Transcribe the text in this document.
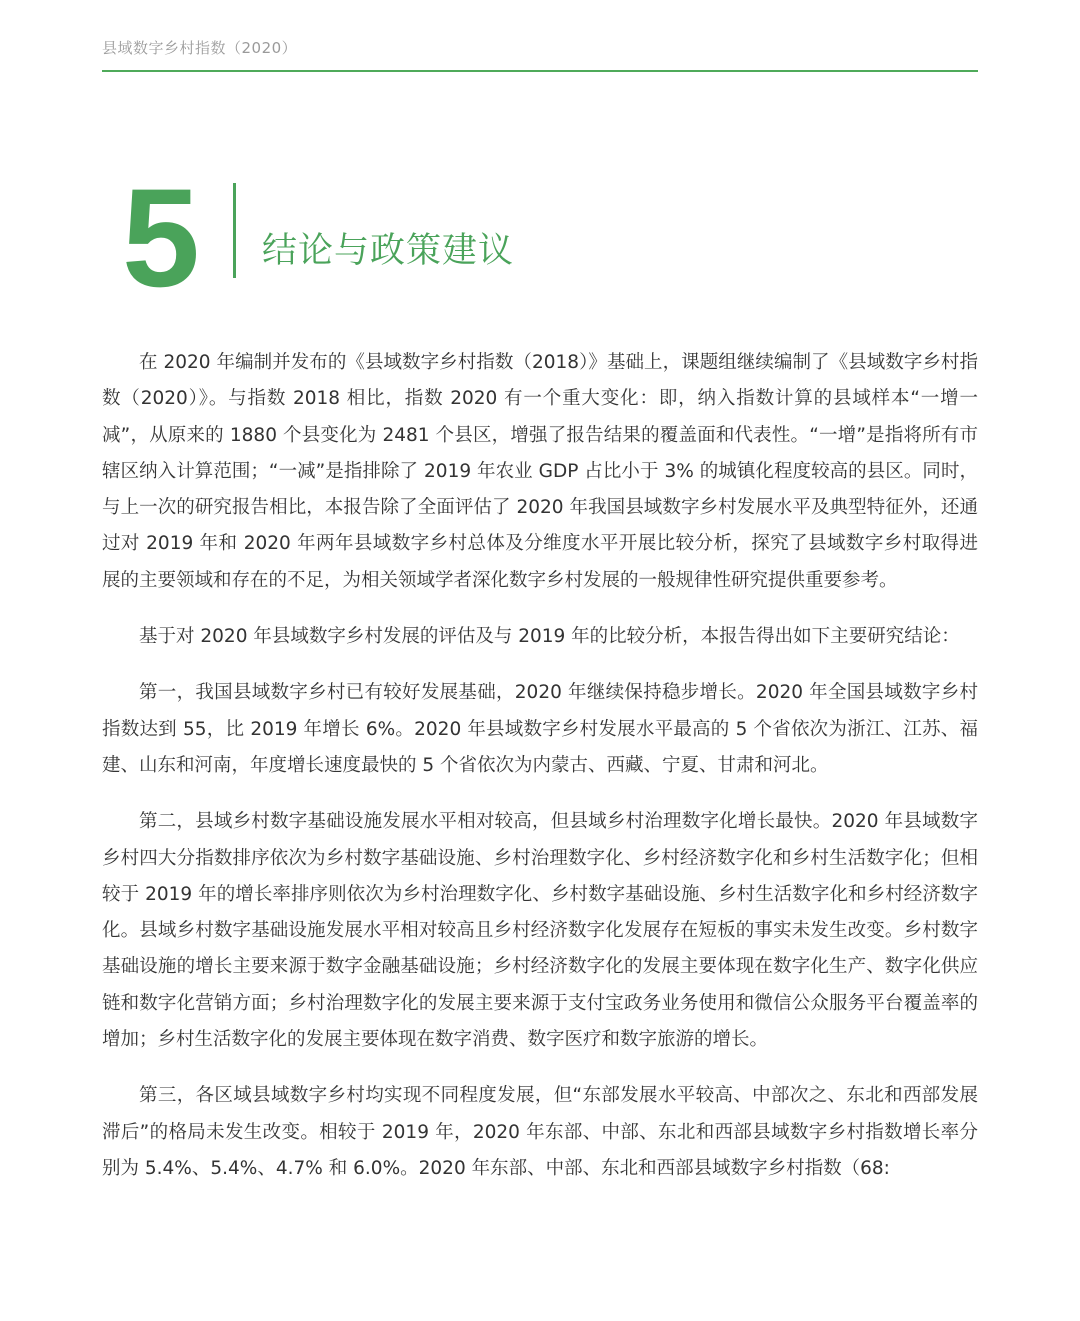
县域数字乡村指数（2020）
5 结论与政策建议

在 2020 年编制并发布的《县域数字乡村指数（2018）》基础上，课题组继续编制了《县域数字乡村指数（2020）》。与指数 2018 相比，指数 2020 有一个重大变化：即，纳入指数计算的县域样本“一增一减”，从原来的 1880 个县变化为 2481 个县区，增强了报告结果的覆盖面和代表性。“一增”是指将所有市辖区纳入计算范围；“一减”是指排除了 2019 年农业 GDP 占比小于 3% 的城镇化程度较高的县区。同时，与上一次的研究报告相比，本报告除了全面评估了 2020 年我国县域数字乡村发展水平及典型特征外，还通过对 2019 年和 2020 年两年县域数字乡村总体及分维度水平开展比较分析，探究了县域数字乡村取得进展的主要领域和存在的不足，为相关领域学者深化数字乡村发展的一般规律性研究提供重要参考。

基于对 2020 年县域数字乡村发展的评估及与 2019 年的比较分析，本报告得出如下主要研究结论：

第一，我国县域数字乡村已有较好发展基础，2020 年继续保持稳步增长。2020 年全国县域数字乡村指数达到 55，比 2019 年增长 6%。2020 年县域数字乡村发展水平最高的 5 个省依次为浙江、江苏、福建、山东和河南，年度增长速度最快的 5 个省依次为内蒙古、西藏、宁夏、甘肃和河北。

第二，县域乡村数字基础设施发展水平相对较高，但县域乡村治理数字化增长最快。2020 年县域数字乡村四大分指数排序依次为乡村数字基础设施、乡村治理数字化、乡村经济数字化和乡村生活数字化；但相较于 2019 年的增长率排序则依次为乡村治理数字化、乡村数字基础设施、乡村生活数字化和乡村经济数字化。县域乡村数字基础设施发展水平相对较高且乡村经济数字化发展存在短板的事实未发生改变。乡村数字基础设施的增长主要来源于数字金融基础设施；乡村经济数字化的发展主要体现在数字化生产、数字化供应链和数字化营销方面；乡村治理数字化的发展主要来源于支付宝政务业务使用和微信公众服务平台覆盖率的增加；乡村生活数字化的发展主要体现在数字消费、数字医疗和数字旅游的增长。

第三，各区域县域数字乡村均实现不同程度发展，但“东部发展水平较高、中部次之、东北和西部发展滞后”的格局未发生改变。相较于 2019 年，2020 年东部、中部、东北和西部县域数字乡村指数增长率分别为 5.4%、5.4%、4.7% 和 6.0%。2020 年东部、中部、东北和西部县域数字乡村指数（68:
